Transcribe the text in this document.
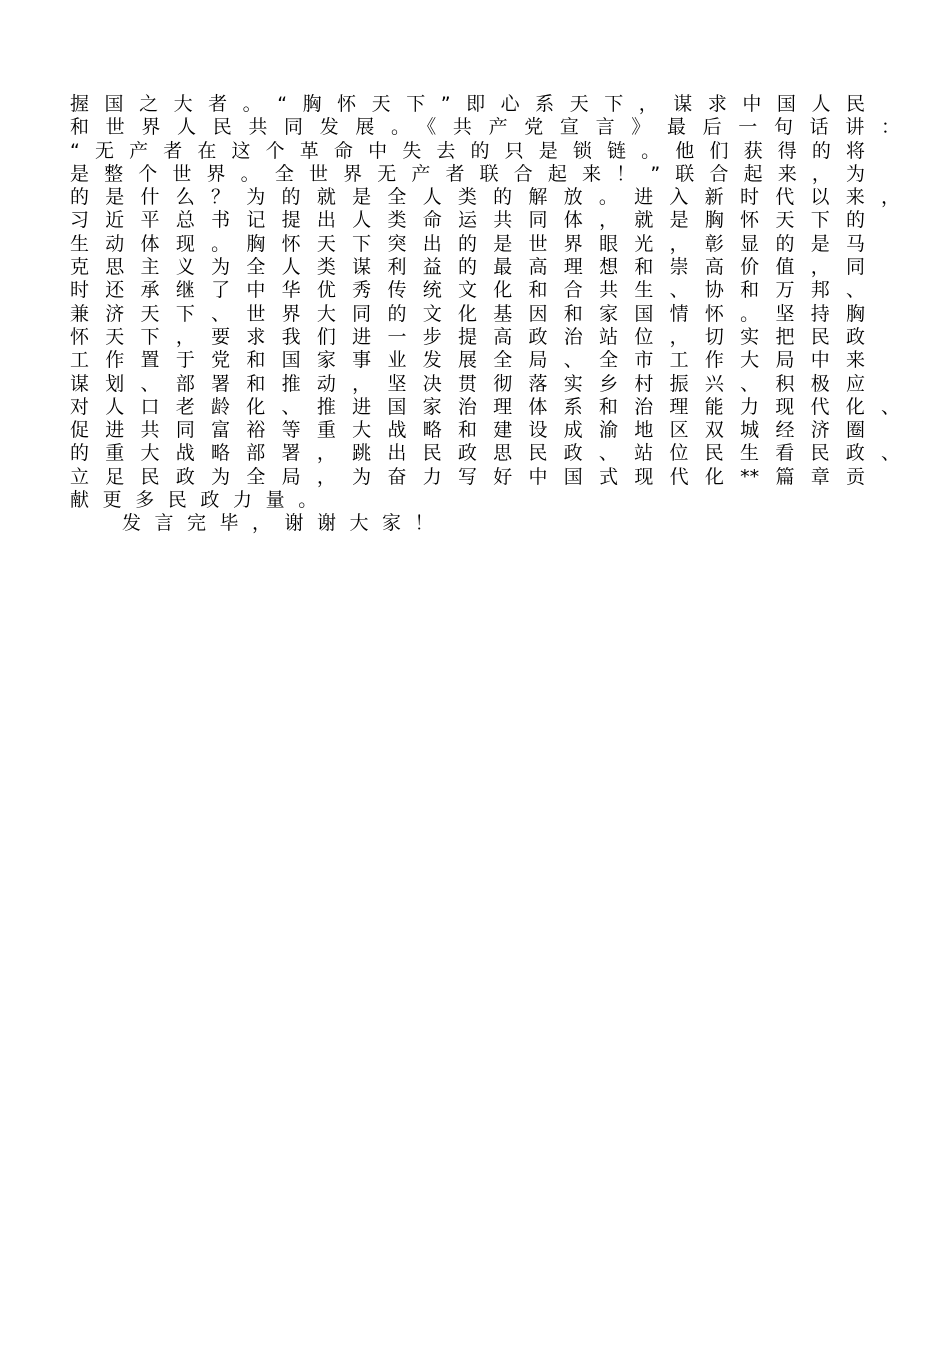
握国之大者。“胸怀天下”即心系天下，谋求中国人民
和世界人民共同发展。《共产党宣言》最后一句话讲：
“无产者在这个革命中失去的只是锁链。他们获得的将
是整个世界。全世界无产者联合起来！”联合起来，为
的是什么？为的就是全人类的解放。进入新时代以来，
习近平总书记提出人类命运共同体，就是胸怀天下的
生动体现。胸怀天下突出的是世界眼光，彰显的是马
克思主义为全人类谋利益的最高理想和崇高价值，同
时还承继了中华优秀传统文化和合共生、协和万邦、
兼济天下、世界大同的文化基因和家国情怀。坚持胸
怀天下，要求我们进一步提高政治站位，切实把民政
工作置于党和国家事业发展全局、全市工作大局中来
谋划、部署和推动，坚决贯彻落实乡村振兴、积极应
对人口老龄化、推进国家治理体系和治理能力现代化、
促进共同富裕等重大战略和建设成渝地区双城经济圈
的重大战略部署，跳出民政思民政、站位民生看民政、
立足民政为全局，为奋力写好中国式现代化**篇章贡
献更多民政力量。
发言完毕，谢谢大家！
